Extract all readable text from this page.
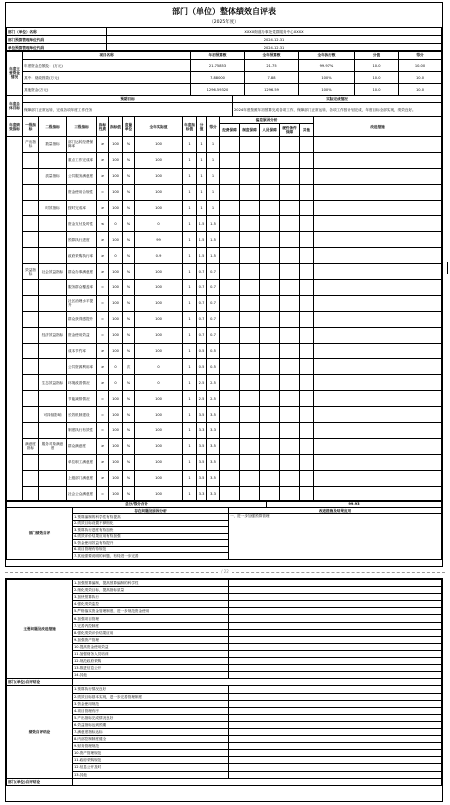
部门（单位）整体绩效自评表
（2025年度）
部门（单位）名称	XXXX街道办事处党群服务中心XXXX
部门预算管理单位代码	2024.12.31
单位预算管理单位代码	2024.12.31
年度主要资金情况	项目名称	年初预算数	全年预算数	全年执行数	分值	得分
	年度资金总额及：(万元)	21.75853	21.75	99.97%	10.0	10.00
	其中：财政拨款(万元)	7.88000	7.88	100%	10.0	10.0
	其他资金(万元)	1296.59320	1296.59	100%	10.0	10.0
年度总体目标	预期目标	实际完成情况
	保障部门正常运转，完成各项年度工作任务	2024年度按照年初预算完成各项工作，保障部门正常运转，各项工作按计划完成，年度目标全部实现，绩效良好。
年度绩效指标	一级指标	二级指标	三级指标	指标性质	指标值	度量单位	全年实际值	年度指标值	分值	得分	偏差原因分析					改进措施
											经费保障	制度保障	人员保障	硬件条件保障	其他	
	产出指标	数量指标	部门运转经费保障率	≥	100	%	100	1	1	1						
			重点工作完成率	≥	100	%	100	1	1	1						
		质量指标	公共服务满意度	≥	100	%	100	1	1	1						
			资金使用合规性	=	100	%	100	1	1	1						
		时效指标	按时完成率	≥	100	%	100	1	1	1						
			资金支付及时性	≤	0	%	0	1	1.5	1.5						
			预算执行进度	≥	100	%	99	1	1.5	1.5						
			政府采购执行率	≥	0	%	0.9	1	1.5	1.5						
	效益指标	社会效益指标	群众办事满意度	≥	100	%	100	1	0.7	0.7						
			服务群众覆盖率	=	100	%	100	1	0.7	0.7						
			社区治理水平提升	=	100	%	100	1	0.7	0.7						
			群众获得感提升	=	100	%	100	1	0.7	0.7						
		经济效益指标	资金使用效益	=	100	%	100	1	0.7	0.7						
			成本节约率	≥	100	%	100	1	0.5	0.5						
			公共资源利用率	≥	0	次	0	1	0.5	0.5						
		生态效益指标	环境改善情况	≥	0	%	0	1	2.5	2.5						
			节能减排情况	=	100	%	100	1	2.5	2.5						
		可持续影响	长效机制建设	=	100	%	100	1	3.5	3.5						
			制度执行有效性	=	100	%	100	1	3.3	3.3						
	满意度指标	服务对象满意度	群众满意度	≥	100	%	100	1	3.5	3.5						
			单位职工满意度	≥	100	%	100	1	3.5	3.5						
			上级部门满意度	≥	100	%	100	1	3.5	3.5						
			社会公众满意度	=	100	%	100	1	3.3	3.3						
总分/得分合计	99.93
部门绩效自评	存在问题及原因分析	改进措施及结果应用
	1.预算编制的科学性有待提高	一、进一步加强预算管理
	2.绩效目标设置不够细化	
	3.预算执行进度有待加快	
	4.绩效评价结果应用有待加强	
	5.资金使用效益有待提升	
	6.项目管理有待规范	
	7.其他需要说明的问题，有待进一步完善	
/ 22
主要问题及改进措施	1.加强预算编制，提高预算编制的科学性	
	2.细化绩效目标，提高指标质量	
	3.加快预算执行	
	4.强化绩效监控	
	5.严格落实资金管理制度，进一步规范资金使用	
	6.加强项目管理	
	7.完善内控制度	
	8.强化绩效评价结果应用	
	9.加强资产管理	
	10.提高资金使用效益	
	11.加强财务人员培训	
	12.规范政府采购	
	13.推进信息公开	
	14.其他	
部门(单位)自评结论		
绩效自评结论	1.预算执行情况良好	
	2.绩效目标基本实现，进一步完善管理制度	
	3.资金使用规范	
	4.项目管理有序	
	5.产出指标完成情况良好	
	6.效益指标达到预期	
	7.满意度指标达标	
	8.内部控制制度健全	
	9.财务管理规范	
	10.资产管理规范	
	11.政府采购规范	
	12.信息公开及时	
	13.其他	
部门(单位)自评结论		
